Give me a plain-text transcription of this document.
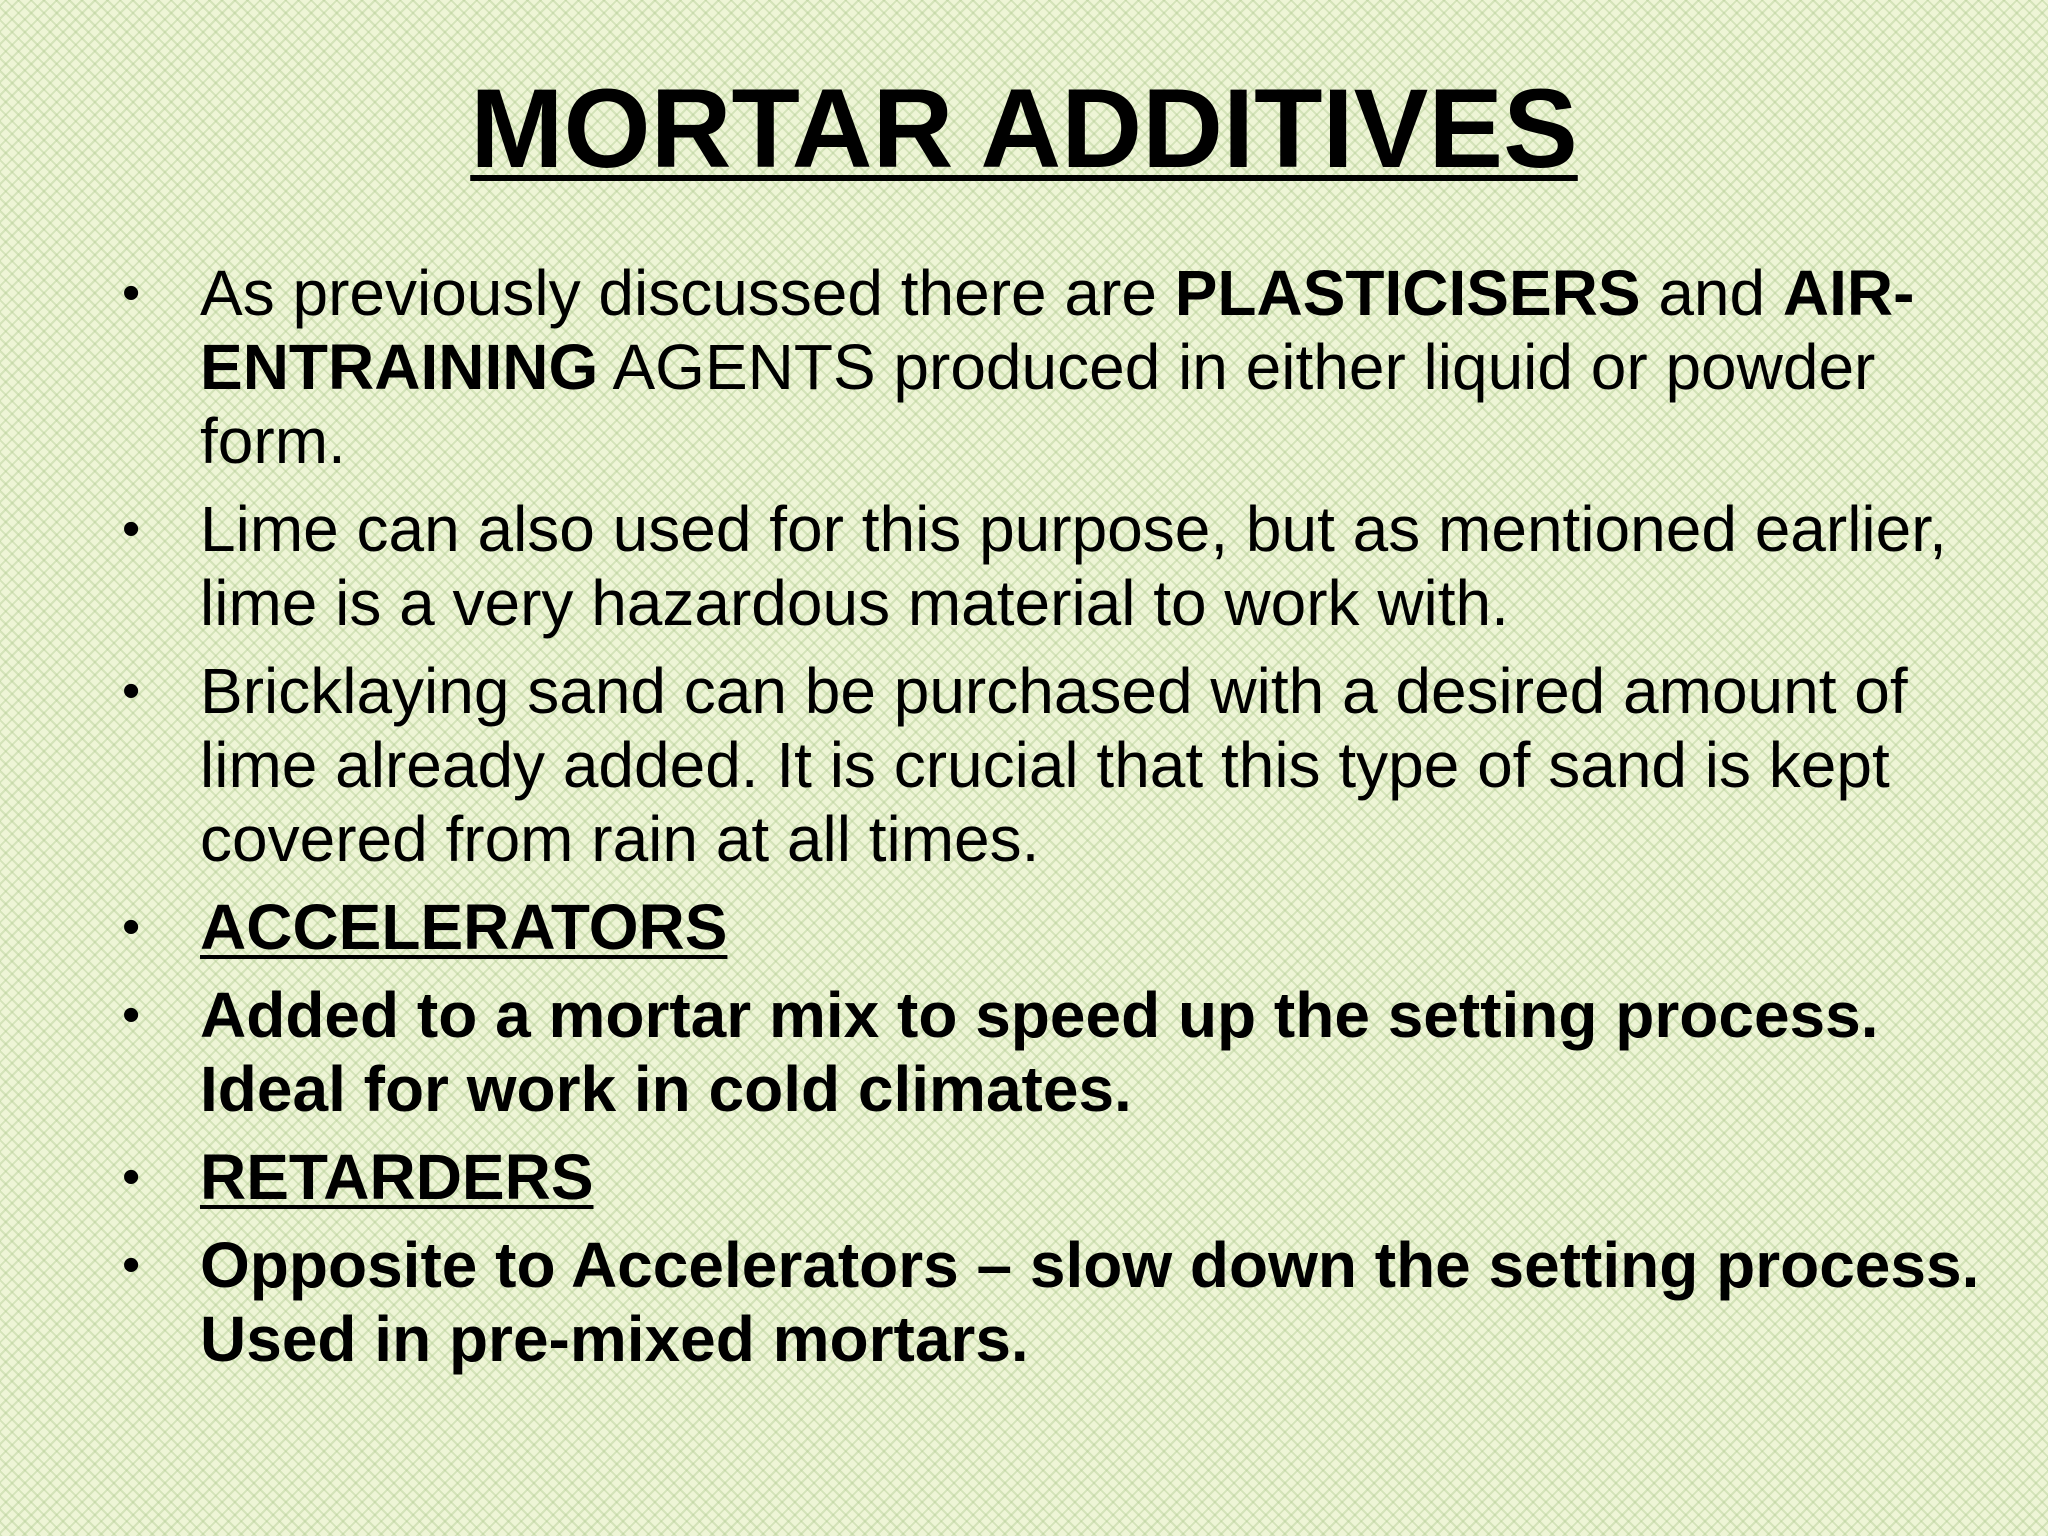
MORTAR ADDITIVES
• As previously discussed there are PLASTICISERS and AIR-ENTRAINING AGENTS produced in either liquid or powder form.
• Lime can also used for this purpose, but as mentioned earlier, lime is a very hazardous material to work with.
• Bricklaying sand can be purchased with a desired amount of lime already added. It is crucial that this type of sand is kept covered from rain at all times.
• ACCELERATORS
• Added to a mortar mix to speed up the setting process. Ideal for work in cold climates.
• RETARDERS
• Opposite to Accelerators – slow down the setting process. Used in pre-mixed mortars.
